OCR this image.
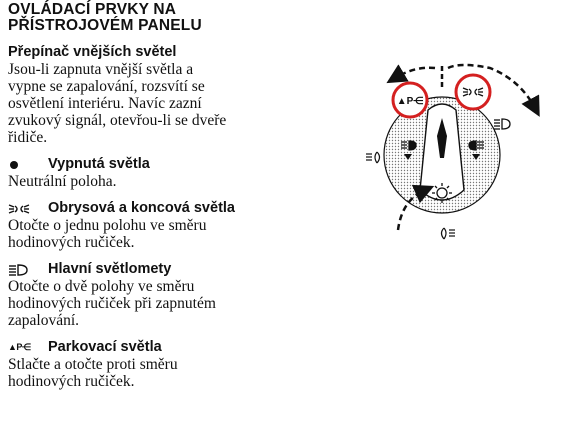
OVLÁDACÍ PRVKY NA
PŘÍSTROJOVÉM PANELU
Přepínač vnějších světel

Jsou-li zapnuta vnější světla a
vypne se zapalování, rozsvítí se
osvětlení interiéru. Navíc zazní
zvukový signál, otevřou-li se dveře
řidiče.

Vypnutá světla

Neutrální poloha.

Obrysová a koncová světla

Otočte o jednu polohu ve směru
hodinových ručiček.

Hlavní světlomety

Otočte o dvě polohy ve směru
hodinových ručiček při zapnutém
zapalování.

▲P⋲ Parkovací světla

Stlačte a otočte proti směru
hodinových ručiček.

▲P⋲
